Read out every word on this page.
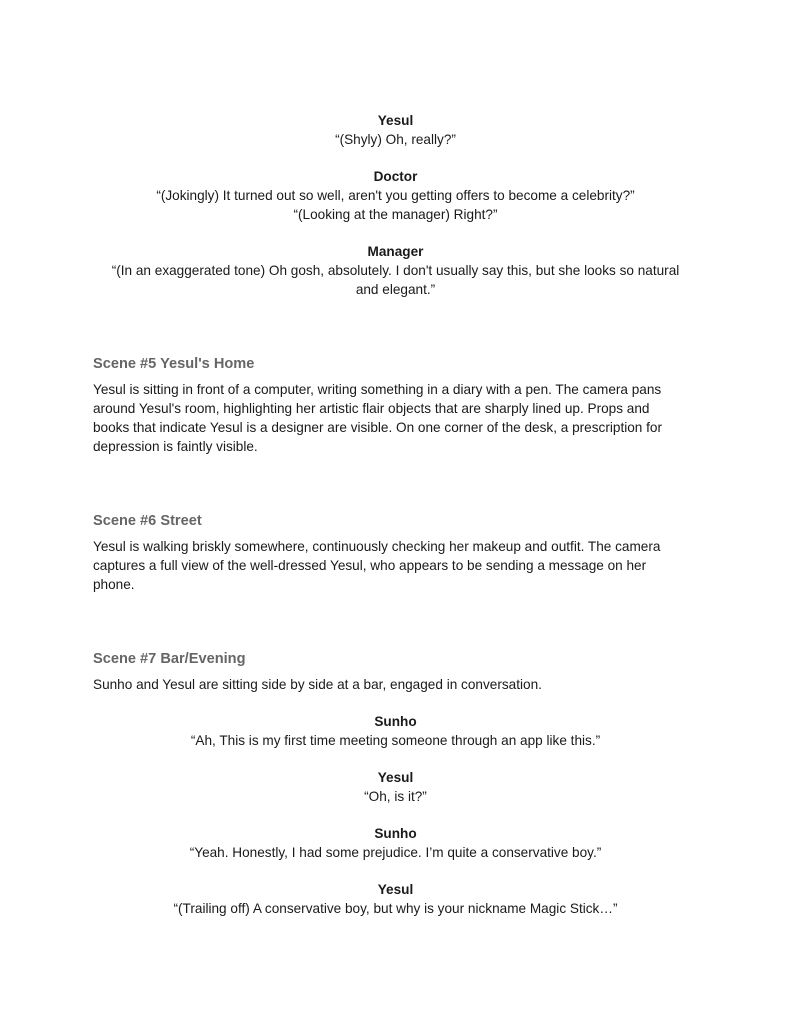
Yesul
“(Shyly) Oh, really?”
Doctor
“(Jokingly) It turned out so well, aren't you getting offers to become a celebrity?”
“(Looking at the manager) Right?”
Manager
“(In an exaggerated tone) Oh gosh, absolutely. I don't usually say this, but she looks so natural
and elegant.”
Scene #5 Yesul's Home
Yesul is sitting in front of a computer, writing something in a diary with a pen. The camera pans
around Yesul's room, highlighting her artistic flair objects that are sharply lined up. Props and
books that indicate Yesul is a designer are visible. On one corner of the desk, a prescription for
depression is faintly visible.
Scene #6 Street
Yesul is walking briskly somewhere, continuously checking her makeup and outfit. The camera
captures a full view of the well-dressed Yesul, who appears to be sending a message on her
phone.
Scene #7 Bar/Evening
Sunho and Yesul are sitting side by side at a bar, engaged in conversation.
Sunho
“Ah, This is my first time meeting someone through an app like this.”
Yesul
“Oh, is it?”
Sunho
“Yeah. Honestly, I had some prejudice. I’m quite a conservative boy.”
Yesul
“(Trailing off) A conservative boy, but why is your nickname Magic Stick…”
